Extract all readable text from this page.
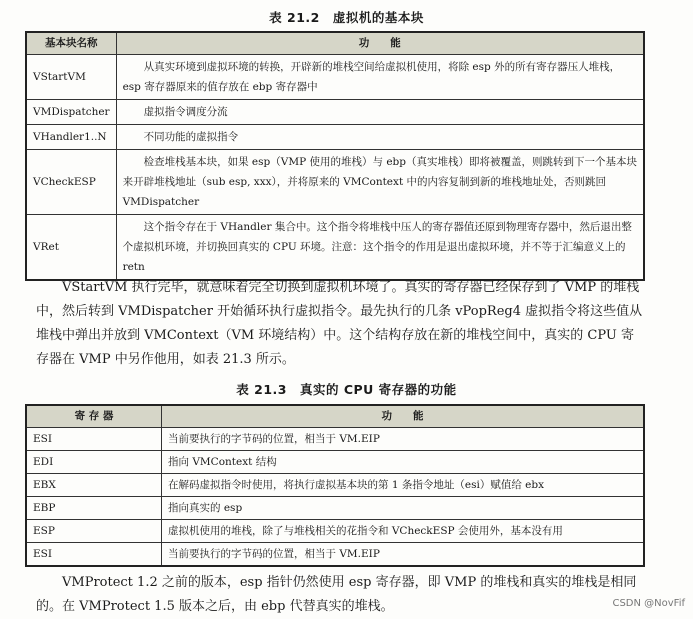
表 21.2　虚拟机的基本块
基本块名称	功　　能
VStartVM	从真实环境到虚拟环境的转换，开辟新的堆栈空间给虚拟机使用，将除 esp 外的所有寄存器压人堆栈，esp 寄存器原来的值存放在 ebp 寄存器中
VMDispatcher	虚拟指令调度分流
VHandler1..N	不同功能的虚拟指令
VCheckESP	检查堆栈基本块，如果 esp（VMP 使用的堆栈）与 ebp（真实堆栈）即将被覆盖，则跳转到下一个基本块来开辟堆栈地址（sub esp, xxx），并将原来的 VMContext 中的内容复制到新的堆栈地址处，否则跳回 VMDispatcher
VRet	这个指令存在于 VHandler 集合中。这个指令将堆栈中压人的寄存器值还原到物理寄存器中，然后退出整个虚拟机环境，并切换回真实的 CPU 环境。注意：这个指令的作用是退出虚拟环境，并不等于汇编意义上的 retn
VStartVM 执行完毕，就意味着完全切换到虚拟机环境了。真实的寄存器已经保存到了 VMP 的堆栈中，然后转到 VMDispatcher 开始循环执行虚拟指令。最先执行的几条 vPopReg4 虚拟指令将这些值从堆栈中弹出并放到 VMContext（VM 环境结构）中。这个结构存放在新的堆栈空间中，真实的 CPU 寄存器在 VMP 中另作他用，如表 21.3 所示。
表 21.3　真实的 CPU 寄存器的功能
寄 存 器	功　　能
ESI	当前要执行的字节码的位置，相当于 VM.EIP
EDI	指向 VMContext 结构
EBX	在解码虚拟指令时使用，将执行虚拟基本块的第 1 条指令地址（esi）赋值给 ebx
EBP	指向真实的 esp
ESP	虚拟机使用的堆栈，除了与堆栈相关的花指令和 VCheckESP 会使用外，基本没有用
ESI	当前要执行的字节码的位置，相当于 VM.EIP
VMProtect 1.2 之前的版本，esp 指针仍然使用 esp 寄存器，即 VMP 的堆栈和真实的堆栈是相同的。在 VMProtect 1.5 版本之后，由 ebp 代替真实的堆栈。	CSDN @NovFif
